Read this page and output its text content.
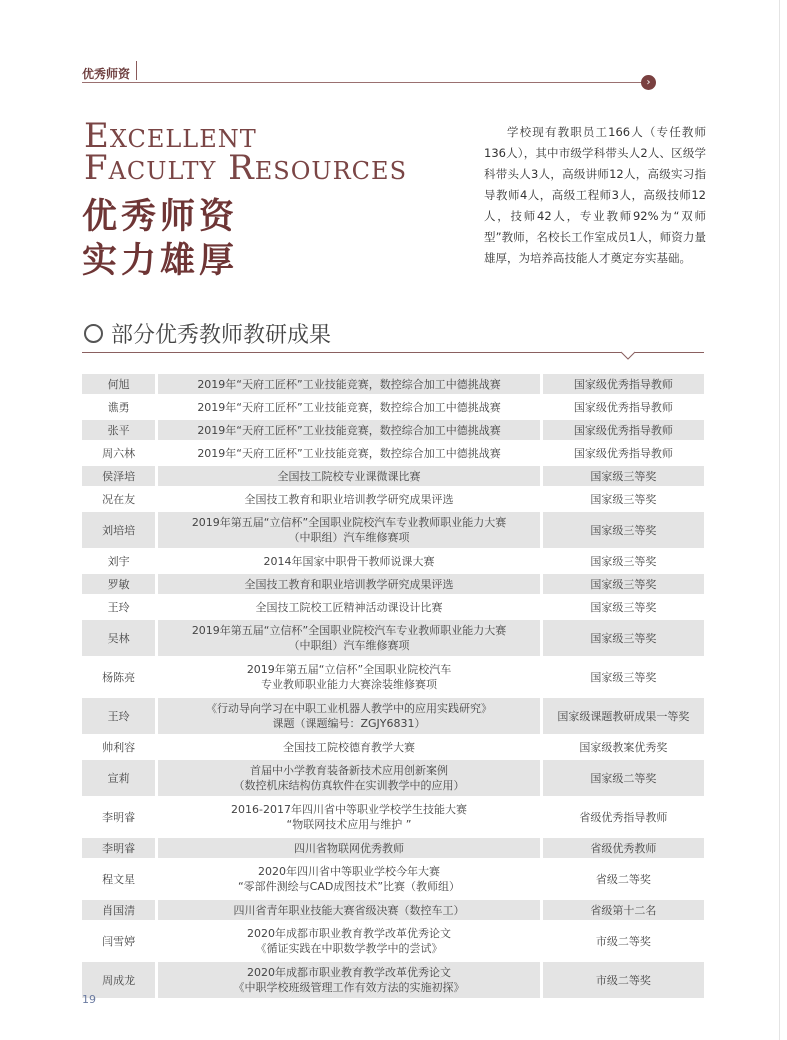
优秀师资
›
Excellent
Faculty Resources
优秀师资
实力雄厚
学校现有教职员工166人（专任教师136人），其中市级学科带头人2人、区级学科带头人3人，高级讲师12人，高级实习指导教师4人，高级工程师3人，高级技师12人，技师42人，专业教师92%为“双师型”教师，名校长工作室成员1人，师资力量雄厚，为培养高技能人才奠定夯实基础。
部分优秀教师教研成果
何旭	2019年“天府工匠杯”工业技能竞赛，数控综合加工中德挑战赛	国家级优秀指导教师
谯勇	2019年“天府工匠杯”工业技能竞赛，数控综合加工中德挑战赛	国家级优秀指导教师
张平	2019年“天府工匠杯”工业技能竞赛，数控综合加工中德挑战赛	国家级优秀指导教师
周六林	2019年“天府工匠杯”工业技能竞赛，数控综合加工中德挑战赛	国家级优秀指导教师
侯泽培	全国技工院校专业课微课比赛	国家级三等奖
况在友	全国技工教育和职业培训教学研究成果评选	国家级三等奖
刘培培	2019年第五届“立信杯”全国职业院校汽车专业教师职业能力大赛
（中职组）汽车维修赛项	国家级三等奖
刘宇	2014年国家中职骨干教师说课大赛	国家级三等奖
罗敏	全国技工教育和职业培训教学研究成果评选	国家级三等奖
王玲	全国技工院校工匠精神活动课设计比赛	国家级三等奖
吴林	2019年第五届“立信杯”全国职业院校汽车专业教师职业能力大赛
（中职组）汽车维修赛项	国家级三等奖
杨陈亮	2019年第五届“立信杯”全国职业院校汽车
专业教师职业能力大赛涂装维修赛项	国家级三等奖
王玲	《行动导向学习在中职工业机器人教学中的应用实践研究》
课题（课题编号：ZGJY6831）	国家级课题教研成果一等奖
帅利容	全国技工院校德育教学大赛	国家级教案优秀奖
宣莉	首届中小学教育装备新技术应用创新案例
（数控机床结构仿真软件在实训教学中的应用）	国家级二等奖
李明睿	2016-2017年四川省中等职业学校学生技能大赛
“物联网技术应用与维护 ”	省级优秀指导教师
李明睿	四川省物联网优秀教师	省级优秀教师
程文星	2020年四川省中等职业学校今年大赛
“零部件测绘与CAD成图技术”比赛（教师组）	省级二等奖
肖国清	四川省青年职业技能大赛省级决赛（数控车工）	省级第十二名
闫雪婷	2020年成都市职业教育教学改革优秀论文
《循证实践在中职数学教学中的尝试》	市级二等奖
周成龙	2020年成都市职业教育教学改革优秀论文
《中职学校班级管理工作有效方法的实施初探》	市级二等奖
19
